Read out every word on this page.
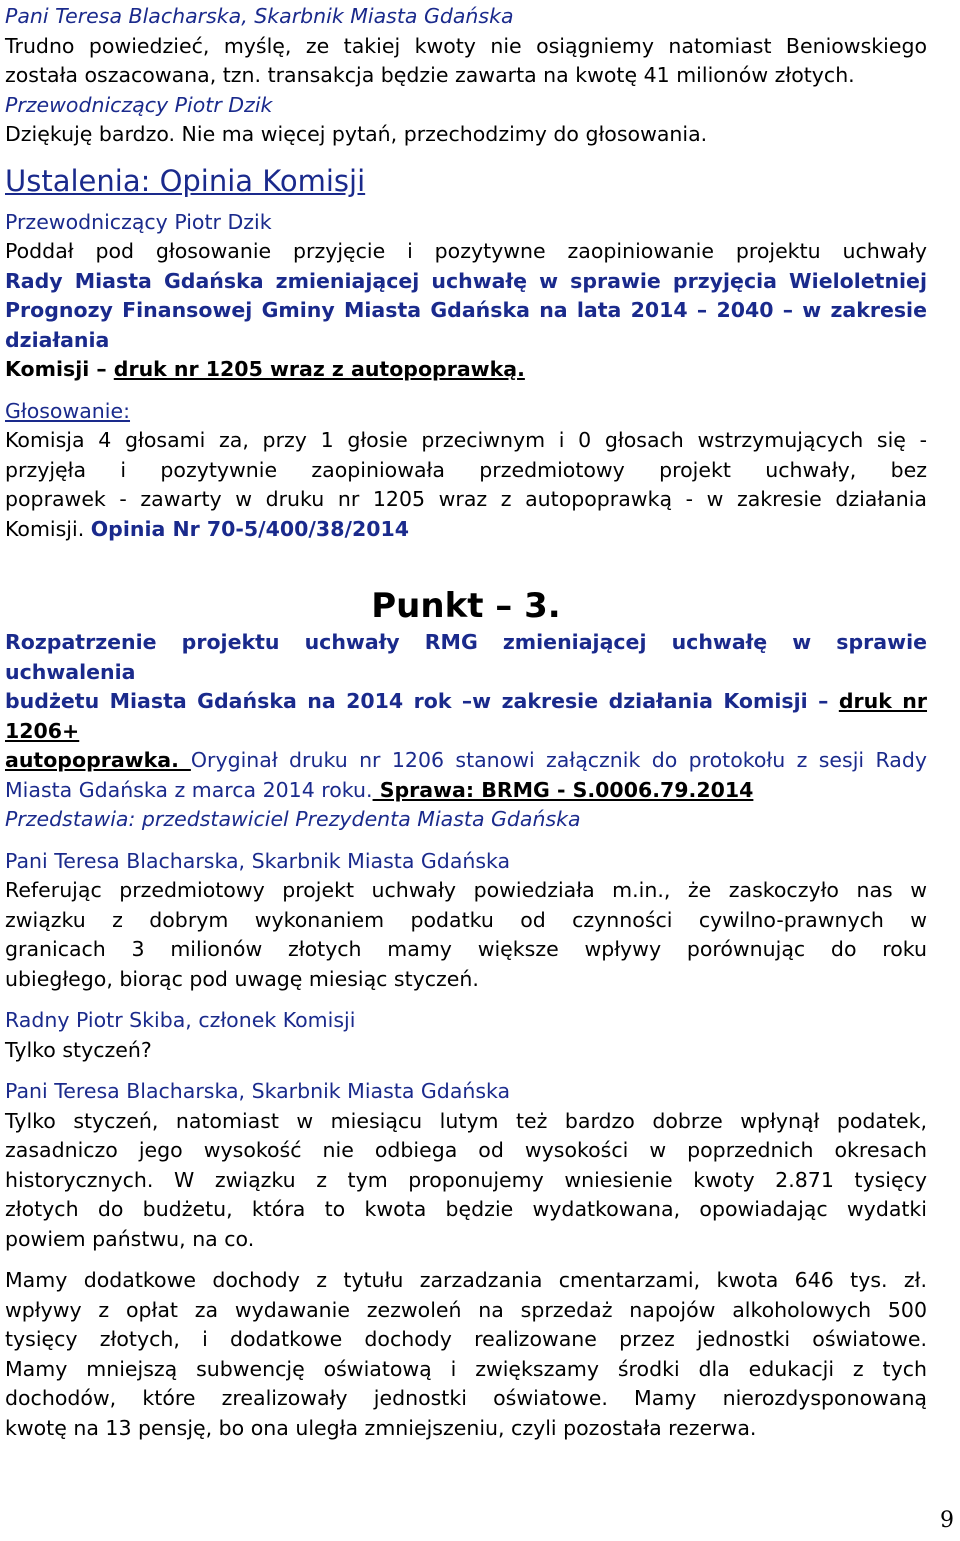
Pani Teresa Blacharska, Skarbnik Miasta Gdańska
Trudno powiedzieć, myślę, ze takiej kwoty nie osiągniemy natomiast Beniowskiego
została oszacowana, tzn. transakcja będzie zawarta na kwotę 41 milionów złotych.
Przewodniczący Piotr Dzik
Dziękuję bardzo. Nie ma więcej pytań, przechodzimy do głosowania.
Ustalenia: Opinia Komisji
Przewodniczący Piotr Dzik
Poddał pod głosowanie przyjęcie i pozytywne zaopiniowanie projektu uchwały
Rady Miasta Gdańska zmieniającej uchwałę w sprawie przyjęcia Wieloletniej
Prognozy Finansowej Gminy Miasta Gdańska na lata 2014 – 2040 – w zakresie działania
Komisji – druk nr 1205 wraz z autopoprawką.
Głosowanie:
Komisja 4 głosami za, przy 1 głosie przeciwnym i 0 głosach wstrzymujących się -
przyjęła i pozytywnie zaopiniowała przedmiotowy projekt uchwały, bez
poprawek - zawarty w druku nr 1205 wraz z autopoprawką - w zakresie działania
Komisji. Opinia Nr 70-5/400/38/2014
Punkt – 3.
Rozpatrzenie projektu uchwały RMG zmieniającej uchwałę w sprawie uchwalenia
budżetu Miasta Gdańska na 2014 rok –w zakresie działania Komisji – druk nr 1206+
autopoprawka. Oryginał druku nr 1206 stanowi załącznik do protokołu z sesji Rady
Miasta Gdańska z marca 2014 roku. Sprawa: BRMG - S.0006.79.2014
Przedstawia: przedstawiciel Prezydenta Miasta Gdańska
Pani Teresa Blacharska, Skarbnik Miasta Gdańska
Referując przedmiotowy projekt uchwały powiedziała m.in., że zaskoczyło nas w
związku z dobrym wykonaniem podatku od czynności cywilno-prawnych w
granicach 3 milionów złotych mamy większe wpływy porównując do roku
ubiegłego, biorąc pod uwagę miesiąc styczeń.
Radny Piotr Skiba, członek Komisji
Tylko styczeń?
Pani Teresa Blacharska, Skarbnik Miasta Gdańska
Tylko styczeń, natomiast w miesiącu lutym też bardzo dobrze wpłynął podatek,
zasadniczo jego wysokość nie odbiega od wysokości w poprzednich okresach
historycznych. W związku z tym proponujemy wniesienie kwoty 2.871 tysięcy
złotych do budżetu, która to kwota będzie wydatkowana, opowiadając wydatki
powiem państwu, na co.
Mamy dodatkowe dochody z tytułu zarzadzania cmentarzami, kwota 646 tys. zł.
wpływy z opłat za wydawanie zezwoleń na sprzedaż napojów alkoholowych 500
tysięcy złotych, i dodatkowe dochody realizowane przez jednostki oświatowe.
Mamy mniejszą subwencję oświatową i zwiększamy środki dla edukacji z tych
dochodów, które zrealizowały jednostki oświatowe. Mamy nierozdysponowaną
kwotę na 13 pensję, bo ona uległa zmniejszeniu, czyli pozostała rezerwa.
9
